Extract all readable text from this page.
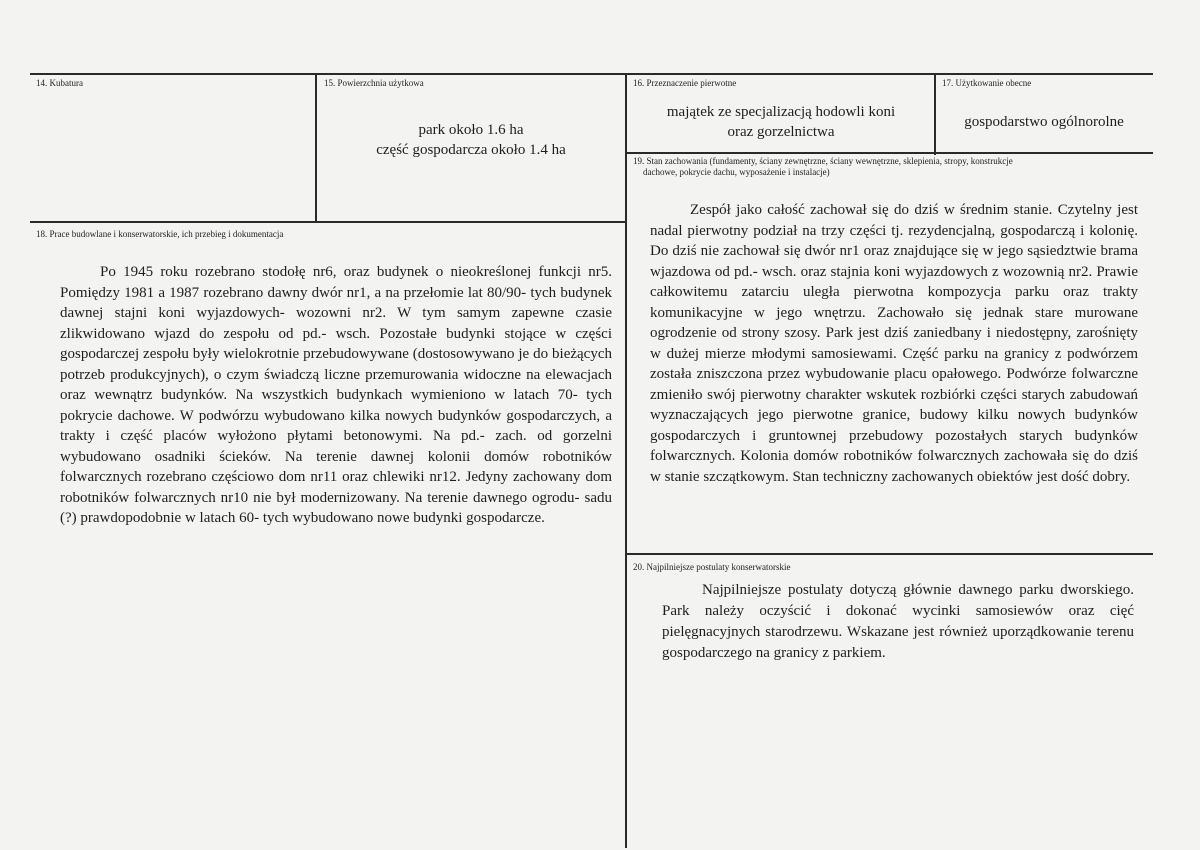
14. Kubatura	15. Powierzchnia użytkowa
park około 1.6 ha
część gospodarcza około 1.4 ha
16. Przeznaczenie pierwotne
majątek ze specjalizacją hodowli koni
oraz gorzelnictwa
17. Użytkowanie obecne
gospodarstwo ogólnorolne
18. Prace budowlane i konserwatorskie, ich przebieg i dokumentacja

Po 1945 roku rozebrano stodołę nr6, oraz budynek o nieokreślonej funkcji nr5. Pomiędzy 1981 a 1987 rozebrano dawny dwór nr1, a na przełomie lat 80/90- tych budynek dawnej stajni koni wyjazdowych- wozowni nr2. W tym samym zapewne czasie zlikwidowano wjazd do zespołu od pd.- wsch. Pozostałe budynki stojące w części gospodarczej zespołu były wielokrotnie przebudowywane (dostosowywano je do bieżących potrzeb produkcyjnych), o czym świadczą liczne przemurowania widoczne na elewacjach oraz wewnątrz budynków. Na wszystkich budynkach wymieniono w latach 70- tych pokrycie dachowe. W podwórzu wybudowano kilka nowych budynków gospodarczych, a trakty i część placów wyłożono płytami betonowymi. Na pd.- zach. od gorzelni wybudowano osadniki ścieków. Na terenie dawnej kolonii domów robotników folwarcznych rozebrano częściowo dom nr11 oraz chlewiki nr12. Jedyny zachowany dom robotników folwarcznych nr10 nie był modernizowany. Na terenie dawnego ogrodu- sadu (?) prawdopodobnie w latach 60- tych wybudowano nowe budynki gospodarcze.

19. Stan zachowania (fundamenty, ściany zewnętrzne, ściany wewnętrzne, sklepienia, stropy, konstrukcje
dachowe, pokrycie dachu, wyposażenie i instalacje)

Zespół jako całość zachował się do dziś w średnim stanie. Czytelny jest nadal pierwotny podział na trzy części tj. rezydencjalną, gospodarczą i kolonię. Do dziś nie zachował się dwór nr1 oraz znajdujące się w jego sąsiedztwie brama wjazdowa od pd.- wsch. oraz stajnia koni wyjazdowych z wozownią nr2. Prawie całkowitemu zatarciu uległa pierwotna kompozycja parku oraz trakty komunikacyjne w jego wnętrzu. Zachowało się jednak stare murowane ogrodzenie od strony szosy. Park jest dziś zaniedbany i niedostępny, zarośnięty w dużej mierze młodymi samosiewami. Część parku na granicy z podwórzem została zniszczona przez wybudowanie placu opałowego. Podwórze folwarczne zmieniło swój pierwotny charakter wskutek rozbiórki części starych zabudowań wyznaczających jego pierwotne granice, budowy kilku nowych budynków gospodarczych i gruntownej przebudowy pozostałych starych budynków folwarcznych. Kolonia domów robotników folwarcznych zachowała się do dziś w stanie szczątkowym. Stan techniczny zachowanych obiektów jest dość dobry.

20. Najpilniejsze postulaty konserwatorskie

Najpilniejsze postulaty dotyczą głównie dawnego parku dworskiego. Park należy oczyścić i dokonać wycinki samosiewów oraz cięć pielęgnacyjnych starodrzewu. Wskazane jest również uporządkowanie terenu gospodarczego na granicy z parkiem.
